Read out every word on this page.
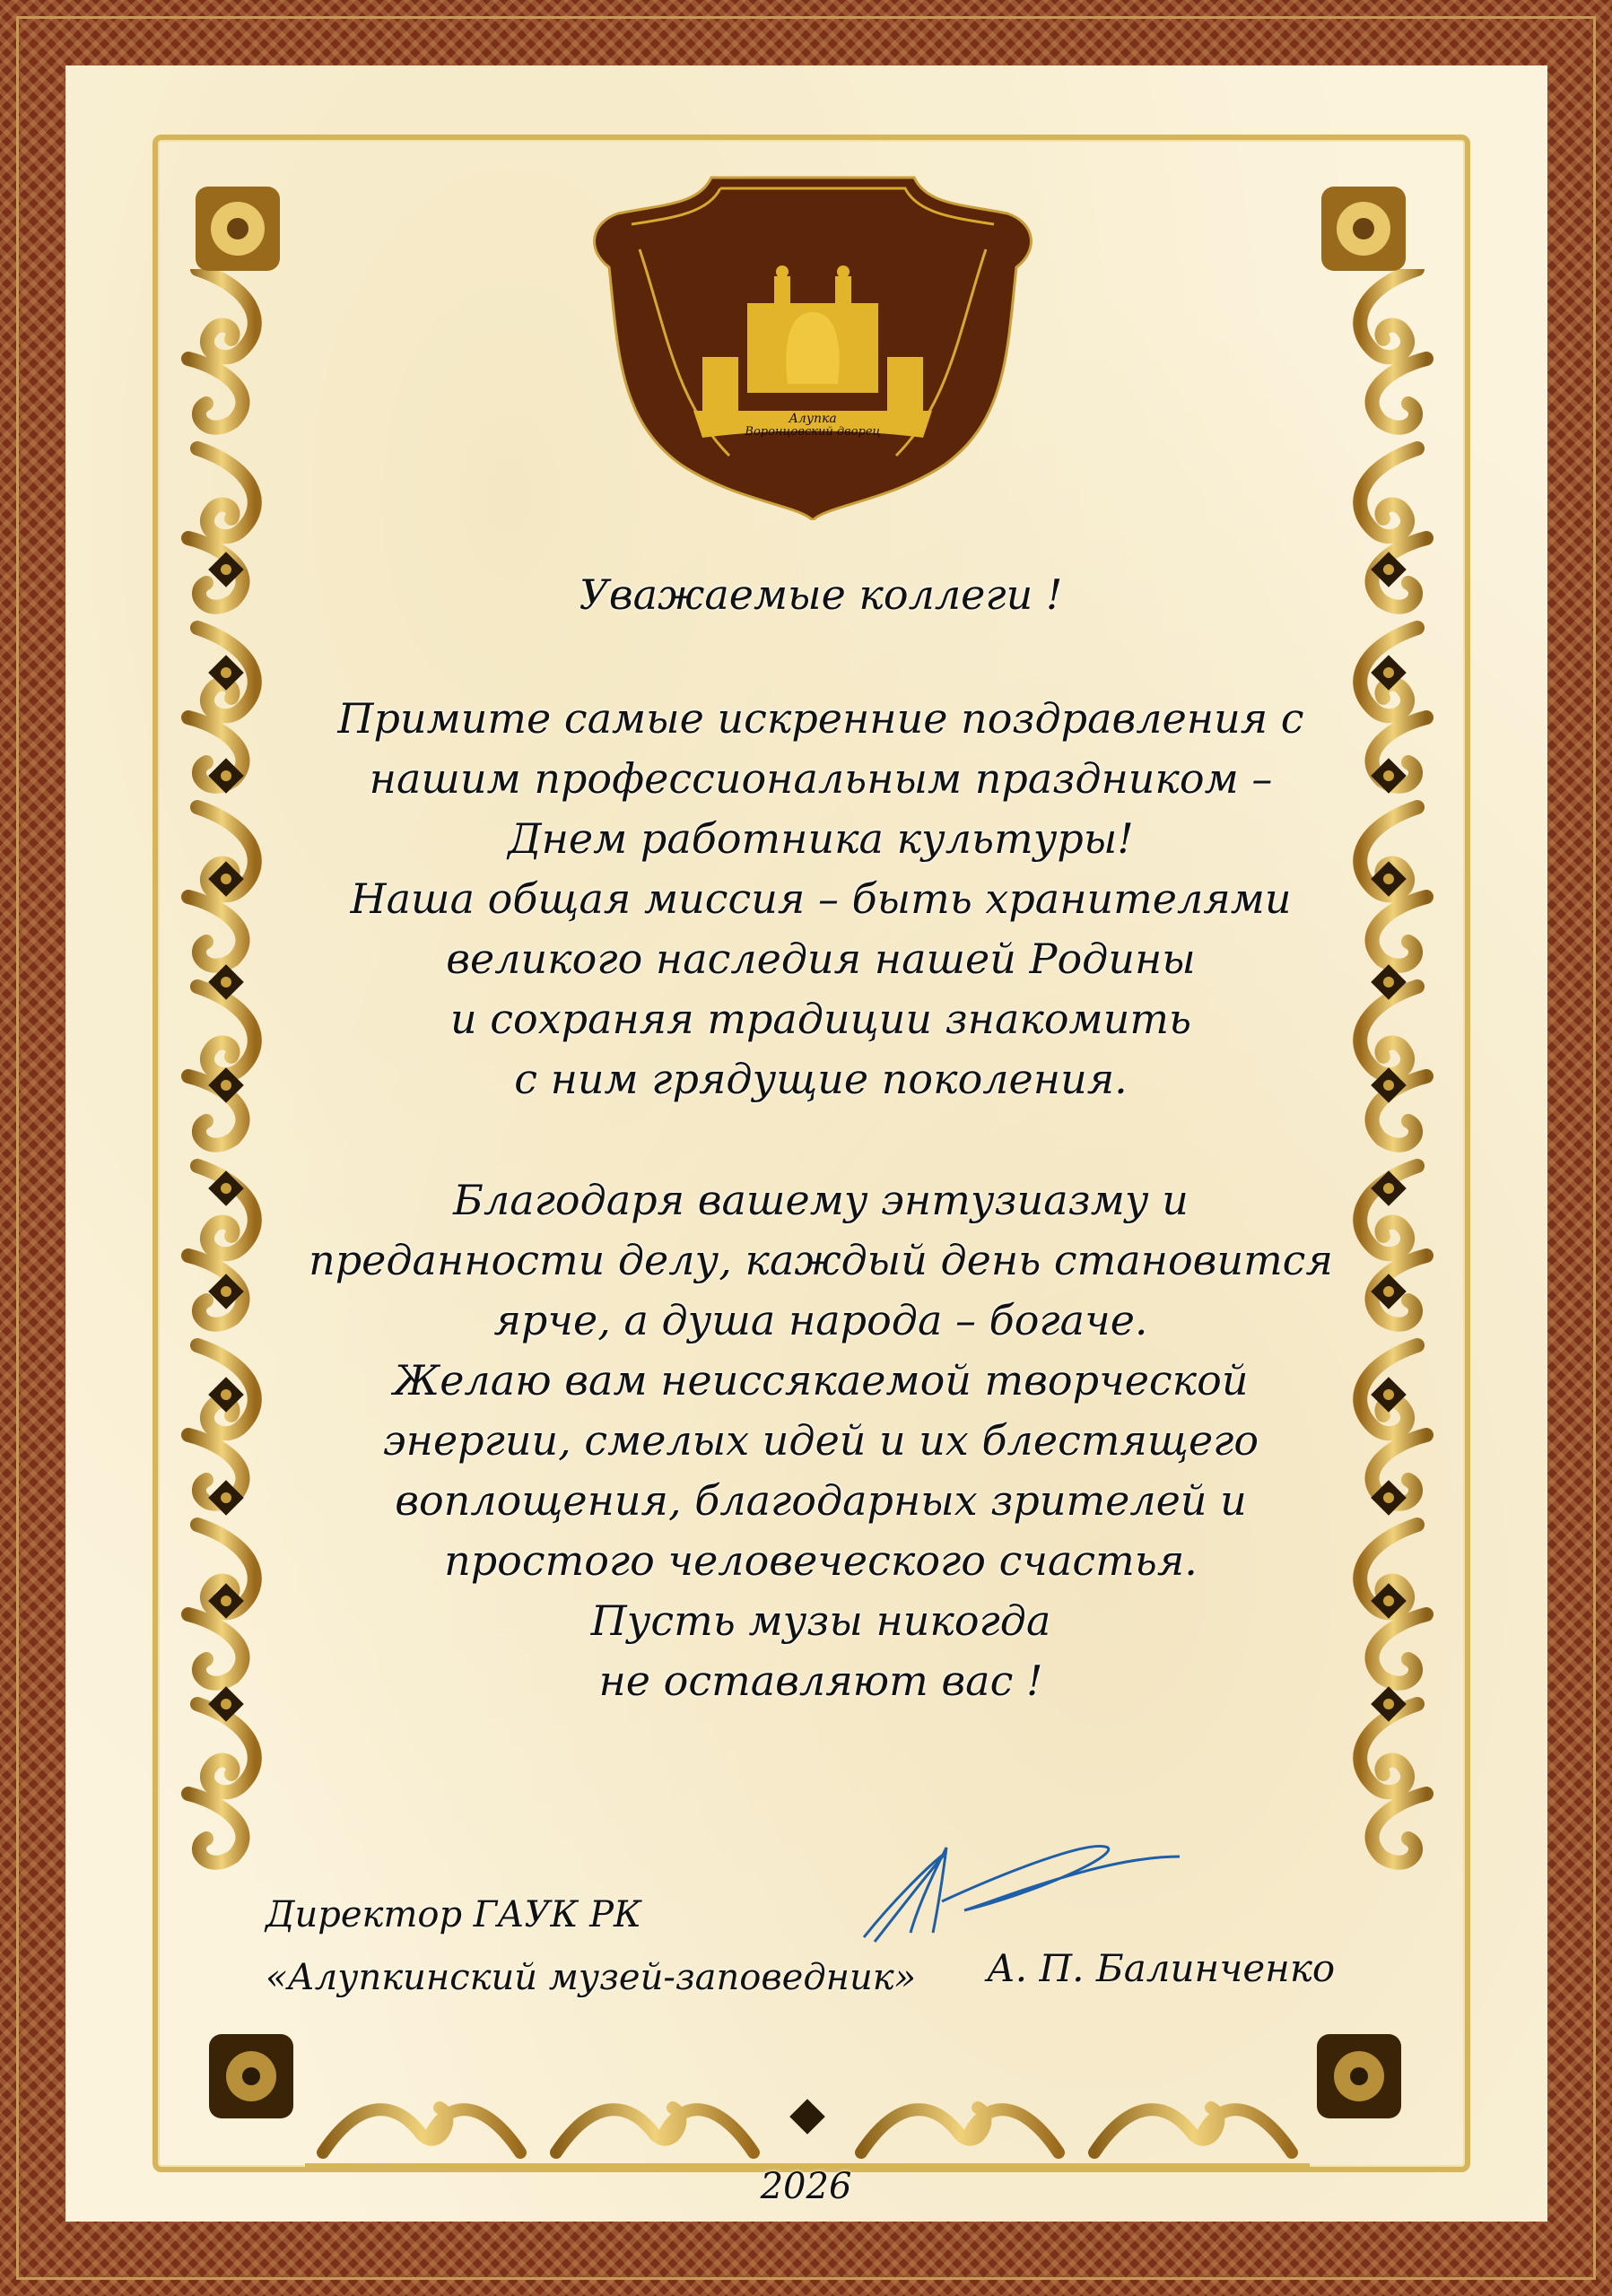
Алупка
Воронцовский дворец
Уважаемые коллеги !
Примите самые искренние поздравления с
нашим профессиональным праздником –
Днем работника культуры!
Наша общая миссия – быть хранителями
великого наследия нашей Родины
и сохраняя традиции знакомить
с ним грядущие поколения.
Благодаря вашему энтузиазму и
преданности делу, каждый день становится
ярче, а душа народа – богаче.
Желаю вам неиссякаемой творческой
энергии, смелых идей и их блестящего
воплощения, благодарных зрителей и
простого человеческого счастья.
Пусть музы никогда
не оставляют вас !
Директор ГАУК РК
«Алупкинский музей-заповедник» А. П. Балинченко
2026
